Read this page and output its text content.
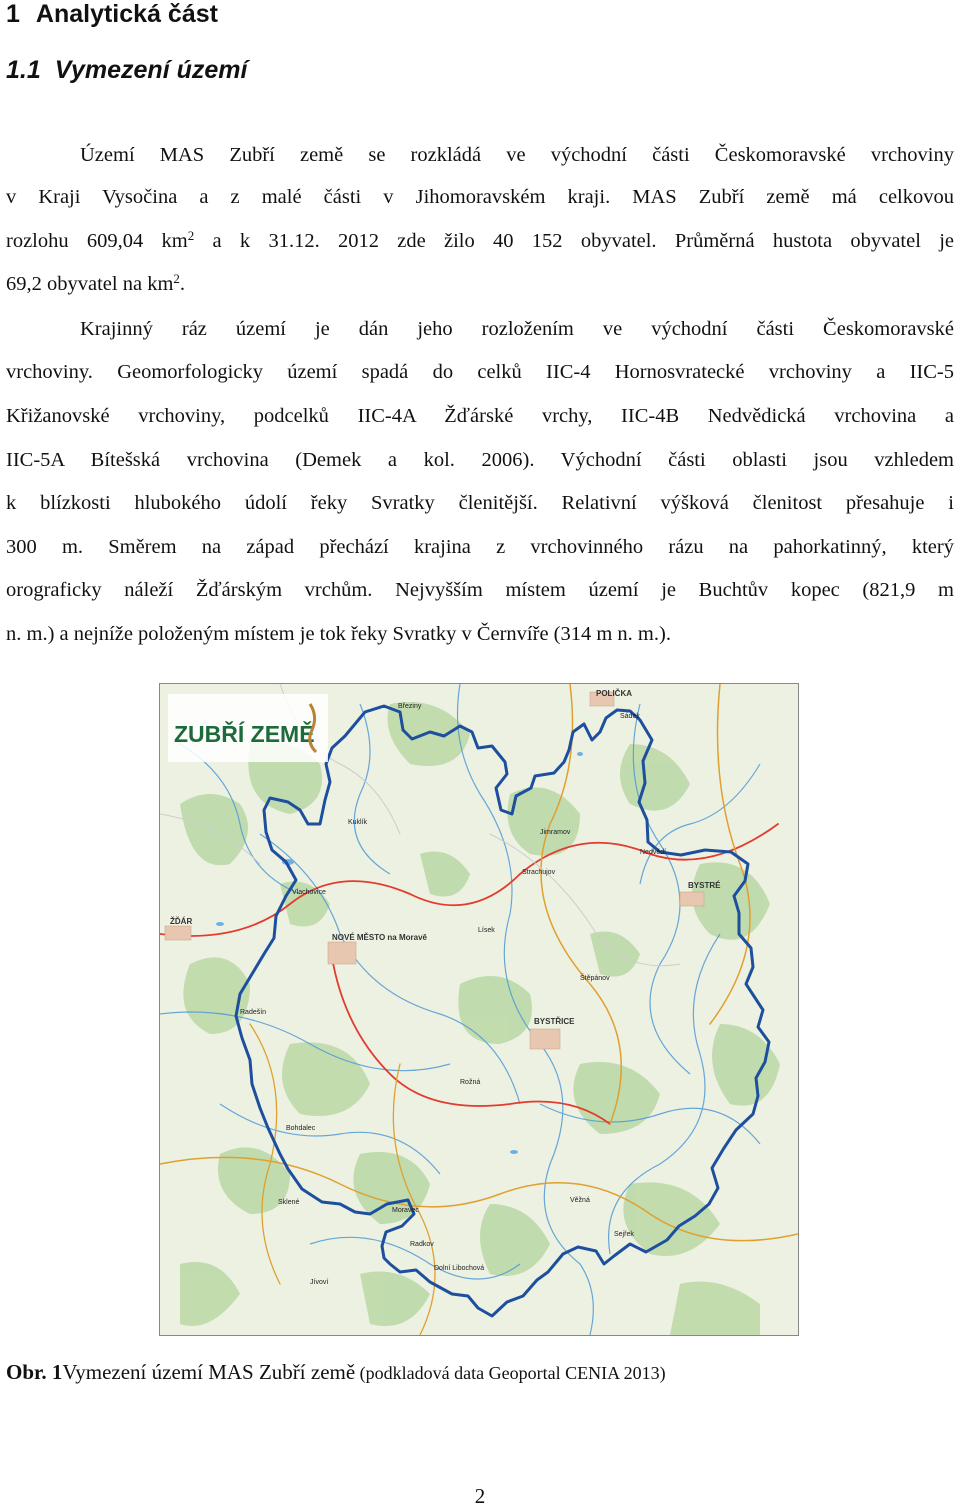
1 Analytická část
1.1 Vymezení území
Území MAS Zubří země se rozkládá ve východní části Českomoravské vrchoviny
v Kraji Vysočina a z malé části v Jihomoravském kraji. MAS Zubří země má celkovou
rozlohu 609,04 $km^2$ a k 31.12. 2012 zde žilo 40 152 obyvatel. Průměrná hustota obyvatel je
69,2 obyvatel na $km^2$.
Krajinný ráz území je dán jeho rozložením ve východní části Českomoravské
vrchoviny. Geomorfologicky území spadá do celků IIC-4 Hornosvratecké vrchoviny a IIC-5
Křižanovské vrchoviny, podcelků IIC-4A Žďárské vrchy, IIC-4B Nedvědická vrchovina a
IIC-5A Bítešská vrchovina (Demek a kol. 2006). Východní části oblasti jsou vzhledem
k blízkosti hlubokého údolí řeky Svratky členitější. Relativní výšková členitost přesahuje i
300 m. Směrem na západ přechází krajina z vrchovinného rázu na pahorkatinný, který
orograficky náleží Žďárským vrchům. Nejvyšším místem území je Buchtův kopec (821,9 m
n. m.) a nejníže položeným místem je tok řeky Svratky v Černvíře (314 m n. m.).
ZUBŘÍ ZEMĚ
POLIČKA
Sádek
Březiny
Kuklík
Jimramov
Strachujov
Nedvědí
BYSTRÉ
Štěpánov
Lísek
NOVÉ MĚSTO na Moravě
ŽĎÁR
BYSTŘICE
Vlachovice
Radešín
Bohdalec
Rožná
Moravec
Sejřek
Sklené	Věžná
Dolní Libochová
Jívoví
Radkov
Obr. 1Vymezení území MAS Zubří země (podkladová data Geoportal CENIA 2013)
2
